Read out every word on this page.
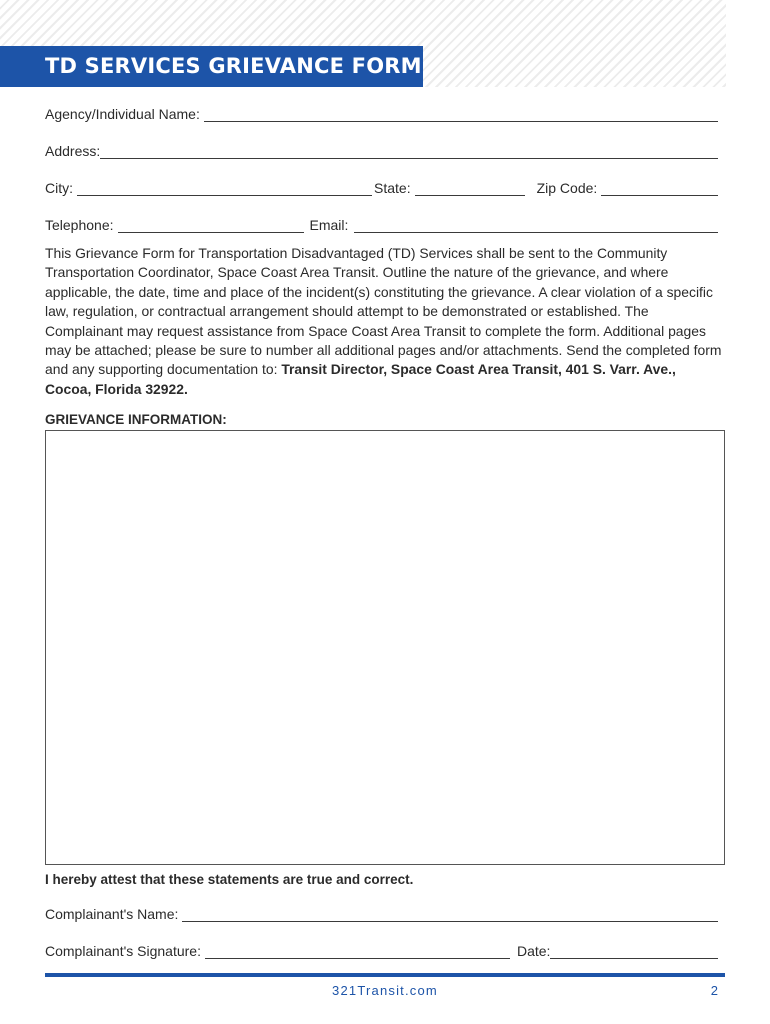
TD SERVICES GRIEVANCE FORM
Agency/Individual Name:
Address:
City:	State:	Zip Code:
Telephone:	Email:

This Grievance Form for Transportation Disadvantaged (TD) Services shall be sent to the Community Transportation Coordinator, Space Coast Area Transit. Outline the nature of the grievance, and where applicable, the date, time and place of the incident(s) constituting the grievance. A clear violation of a specific law, regulation, or contractual arrangement should attempt to be demonstrated or established. The Complainant may request assistance from Space Coast Area Transit to complete the form. Additional pages may be attached; please be sure to number all additional pages and/or attachments. Send the completed form and any supporting documentation to: Transit Director, Space Coast Area Transit, 401 S. Varr. Ave., Cocoa, Florida 32922.

GRIEVANCE INFORMATION:
I hereby attest that these statements are true and correct.
Complainant's Name:
Complainant's Signature:	Date:
321Transit.com	2
